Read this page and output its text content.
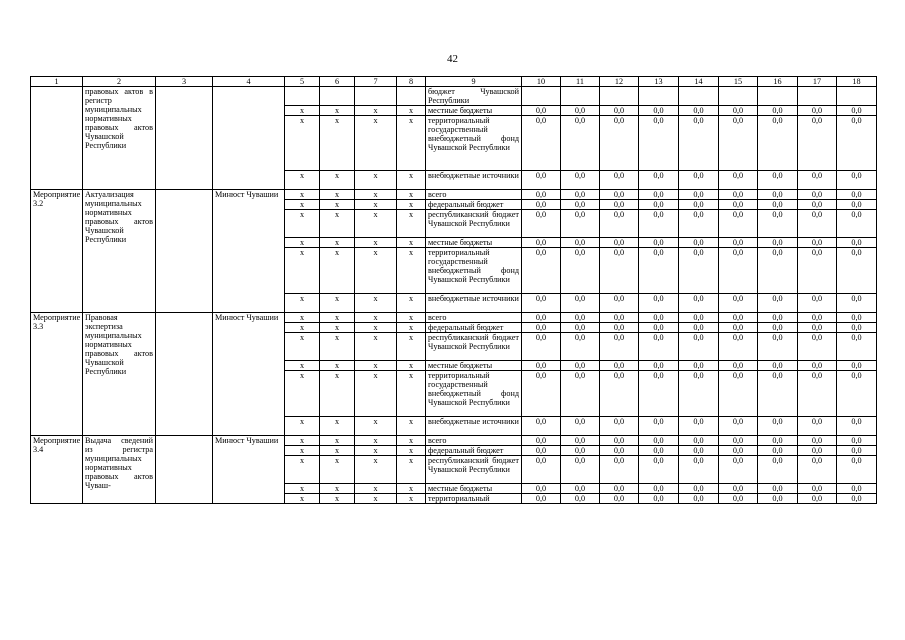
42
1	2	3	4	5	6	7	8	9	10	11	12	13	14	15	16	17	18
	правовых актов в регистр муниципальных нормативных правовых актов Чувашской Республики							бюджет Чувашской Республики									
				x	x	x	x	местные бюджеты	0,0	0,0	0,0	0,0	0,0	0,0	0,0	0,0	0,0
				x	x	x	x	территориальный государственный внебюджетный фонд Чувашской Республики	0,0	0,0	0,0	0,0	0,0	0,0	0,0	0,0	0,0
				x	x	x	x	внебюджетные источники	0,0	0,0	0,0	0,0	0,0	0,0	0,0	0,0	0,0
Мероприятие 3.2	Актуализация муниципальных нормативных правовых актов Чувашской Республики		Минюст Чувашии	x	x	x	x	всего	0,0	0,0	0,0	0,0	0,0	0,0	0,0	0,0	0,0
				x	x	x	x	федеральный бюджет	0,0	0,0	0,0	0,0	0,0	0,0	0,0	0,0	0,0
				x	x	x	x	республиканский бюджет Чувашской Республики	0,0	0,0	0,0	0,0	0,0	0,0	0,0	0,0	0,0
				x	x	x	x	местные бюджеты	0,0	0,0	0,0	0,0	0,0	0,0	0,0	0,0	0,0
				x	x	x	x	территориальный государственный внебюджетный фонд Чувашской Республики	0,0	0,0	0,0	0,0	0,0	0,0	0,0	0,0	0,0
				x	x	x	x	внебюджетные источники	0,0	0,0	0,0	0,0	0,0	0,0	0,0	0,0	0,0
Мероприятие 3.3	Правовая экспертиза муниципальных нормативных правовых актов Чувашской Республики		Минюст Чувашии	x	x	x	x	всего	0,0	0,0	0,0	0,0	0,0	0,0	0,0	0,0	0,0
				x	x	x	x	федеральный бюджет	0,0	0,0	0,0	0,0	0,0	0,0	0,0	0,0	0,0
				x	x	x	x	республиканский бюджет Чувашской Республики	0,0	0,0	0,0	0,0	0,0	0,0	0,0	0,0	0,0
				x	x	x	x	местные бюджеты	0,0	0,0	0,0	0,0	0,0	0,0	0,0	0,0	0,0
				x	x	x	x	территориальный государственный внебюджетный фонд Чувашской Республики	0,0	0,0	0,0	0,0	0,0	0,0	0,0	0,0	0,0
				x	x	x	x	внебюджетные источники	0,0	0,0	0,0	0,0	0,0	0,0	0,0	0,0	0,0
Мероприятие 3.4	Выдача сведений из регистра муниципальных нормативных правовых актов Чуваш-		Минюст Чувашии	x	x	x	x	всего	0,0	0,0	0,0	0,0	0,0	0,0	0,0	0,0	0,0
				x	x	x	x	федеральный бюджет	0,0	0,0	0,0	0,0	0,0	0,0	0,0	0,0	0,0
				x	x	x	x	республиканский бюджет Чувашской Республики	0,0	0,0	0,0	0,0	0,0	0,0	0,0	0,0	0,0
				x	x	x	x	местные бюджеты	0,0	0,0	0,0	0,0	0,0	0,0	0,0	0,0	0,0
				x	x	x	x	территориальный	0,0	0,0	0,0	0,0	0,0	0,0	0,0	0,0	0,0
